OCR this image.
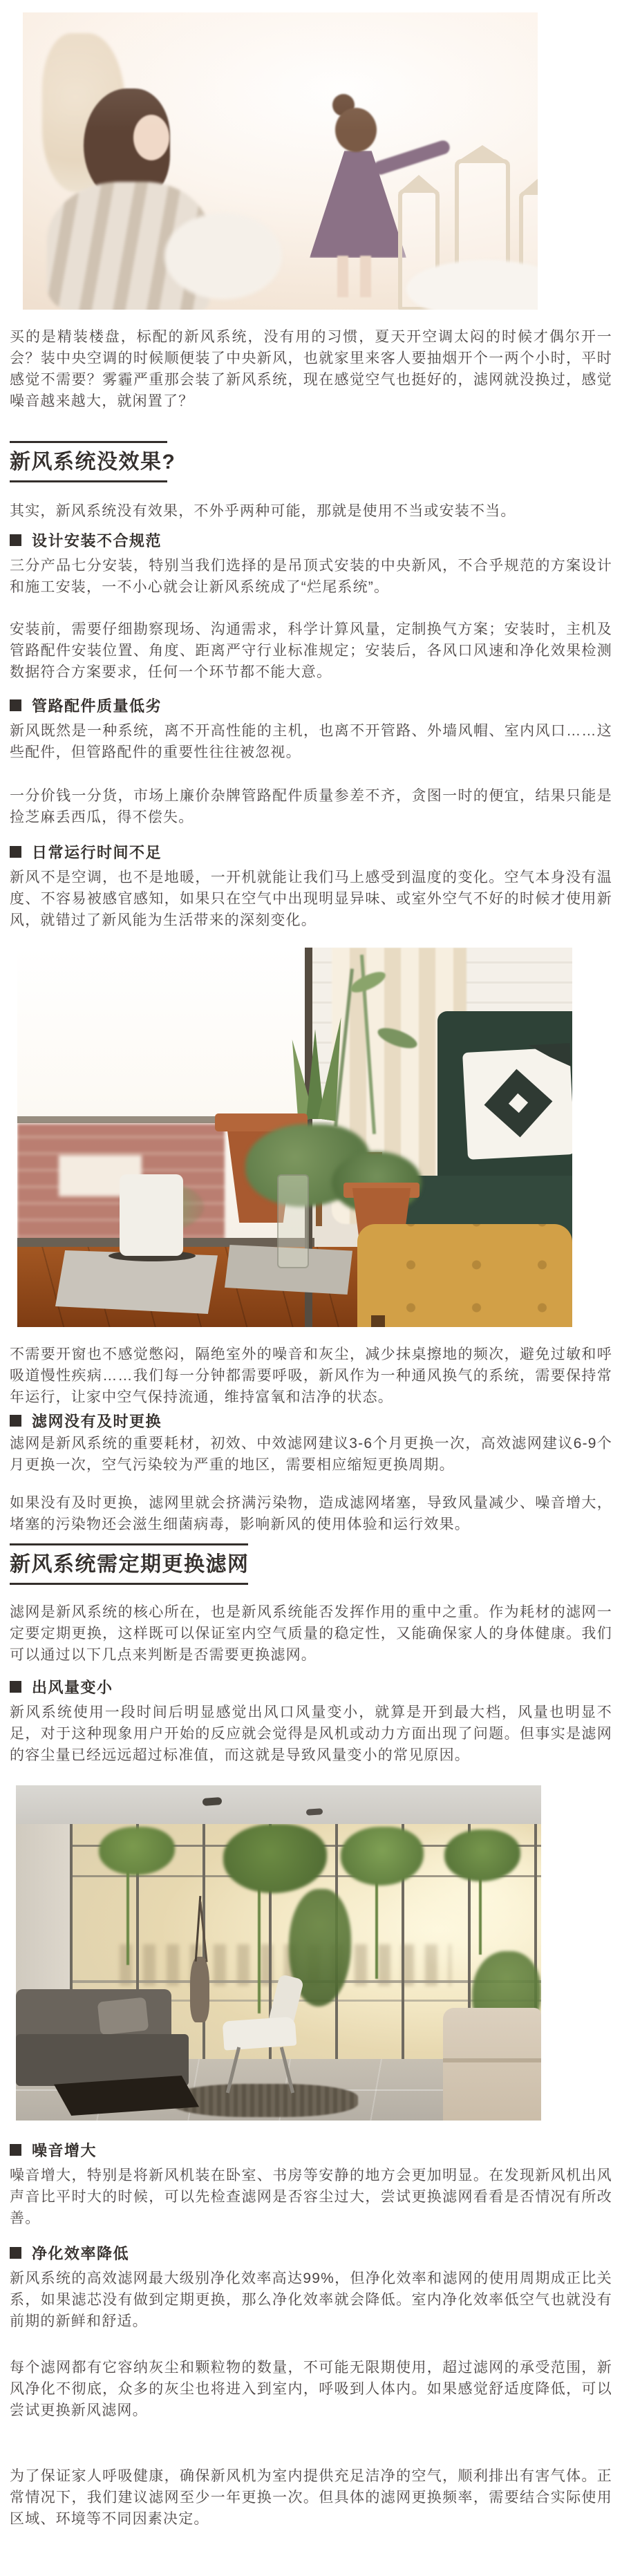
买的是精装楼盘，标配的新风系统，没有用的习惯，夏天开空调太闷的时候才偶尔开一会？装中央空调的时候顺便装了中央新风，也就家里来客人要抽烟开个一两个小时，平时感觉不需要？雾霾严重那会装了新风系统，现在感觉空气也挺好的，滤网就没换过，感觉噪音越来越大，就闲置了？

新风系统没效果?

其实，新风系统没有效果，不外乎两种可能，那就是使用不当或安装不当。

设计安装不合规范

三分产品七分安装，特别当我们选择的是吊顶式安装的中央新风，不合乎规范的方案设计和施工安装，一不小心就会让新风系统成了“烂尾系统”。

安装前，需要仔细勘察现场、沟通需求，科学计算风量，定制换气方案；安装时，主机及管路配件安装位置、角度、距离严守行业标准规定；安装后，各风口风速和净化效果检测数据符合方案要求，任何一个环节都不能大意。

管路配件质量低劣

新风既然是一种系统，离不开高性能的主机，也离不开管路、外墙风帽、室内风口……这些配件，但管路配件的重要性往往被忽视。

一分价钱一分货，市场上廉价杂牌管路配件质量参差不齐，贪图一时的便宜，结果只能是捡芝麻丢西瓜，得不偿失。

日常运行时间不足

新风不是空调，也不是地暖，一开机就能让我们马上感受到温度的变化。空气本身没有温度、不容易被感官感知，如果只在空气中出现明显异味、或室外空气不好的时候才使用新风，就错过了新风能为生活带来的深刻变化。

不需要开窗也不感觉憋闷，隔绝室外的噪音和灰尘，减少抹桌擦地的频次，避免过敏和呼吸道慢性疾病……我们每一分钟都需要呼吸，新风作为一种通风换气的系统，需要保持常年运行，让家中空气保持流通，维持富氧和洁净的状态。

滤网没有及时更换

滤网是新风系统的重要耗材，初效、中效滤网建议3-6个月更换一次，高效滤网建议6-9个月更换一次，空气污染较为严重的地区，需要相应缩短更换周期。

如果没有及时更换，滤网里就会挤满污染物，造成滤网堵塞，导致风量减少、噪音增大，堵塞的污染物还会滋生细菌病毒，影响新风的使用体验和运行效果。

新风系统需定期更换滤网

滤网是新风系统的核心所在，也是新风系统能否发挥作用的重中之重。作为耗材的滤网一定要定期更换，这样既可以保证室内空气质量的稳定性，又能确保家人的身体健康。我们可以通过以下几点来判断是否需要更换滤网。

出风量变小

新风系统使用一段时间后明显感觉出风口风量变小，就算是开到最大档，风量也明显不足，对于这种现象用户开始的反应就会觉得是风机或动力方面出现了问题。但事实是滤网的容尘量已经远远超过标准值，而这就是导致风量变小的常见原因。

噪音增大

噪音增大，特别是将新风机装在卧室、书房等安静的地方会更加明显。在发现新风机出风声音比平时大的时候，可以先检查滤网是否容尘过大，尝试更换滤网看看是否情况有所改善。

净化效率降低

新风系统的高效滤网最大级别净化效率高达99%，但净化效率和滤网的使用周期成正比关系，如果滤芯没有做到定期更换，那么净化效率就会降低。室内净化效率低空气也就没有前期的新鲜和舒适。

每个滤网都有它容纳灰尘和颗粒物的数量，不可能无限期使用，超过滤网的承受范围，新风净化不彻底，众多的灰尘也将进入到室内，呼吸到人体内。如果感觉舒适度降低，可以尝试更换新风滤网。

为了保证家人呼吸健康，确保新风机为室内提供充足洁净的空气，顺利排出有害气体。正常情况下，我们建议滤网至少一年更换一次。但具体的滤网更换频率，需要结合实际使用区域、环境等不同因素决定。
